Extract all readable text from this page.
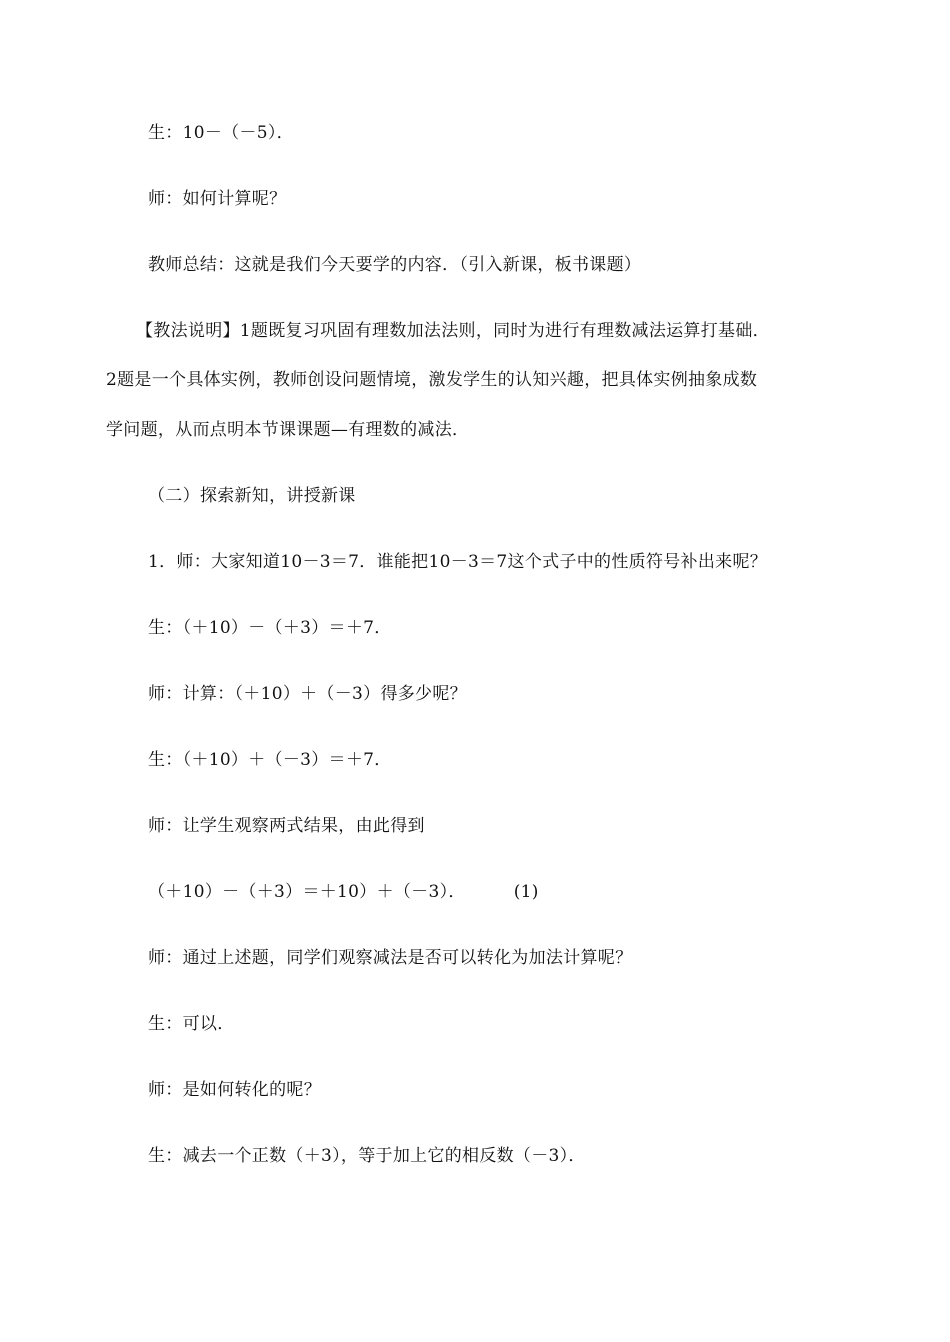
生：10－（－5）．
师：如何计算呢？
教师总结：这就是我们今天要学的内容．（引入新课，板书课题）
【教法说明】1题既复习巩固有理数加法法则，同时为进行有理数减法运算打基础．
2题是一个具体实例，教师创设问题情境，激发学生的认知兴趣，把具体实例抽象成数
学问题，从而点明本节课课题—有理数的减法．
（二）探索新知，讲授新课
1．师：大家知道10－3＝7．谁能把10－3＝7这个式子中的性质符号补出来呢？
生：（＋10）－（＋3）＝＋7．
师：计算：（＋10）＋（－3）得多少呢？
生：（＋10）＋（－3）＝＋7．
师：让学生观察两式结果，由此得到
（＋10）－（＋3）＝＋10）＋（－3）．	(1)
师：通过上述题，同学们观察减法是否可以转化为加法计算呢？
生：可以．
师：是如何转化的呢？
生：减去一个正数（＋3），等于加上它的相反数（－3）．
